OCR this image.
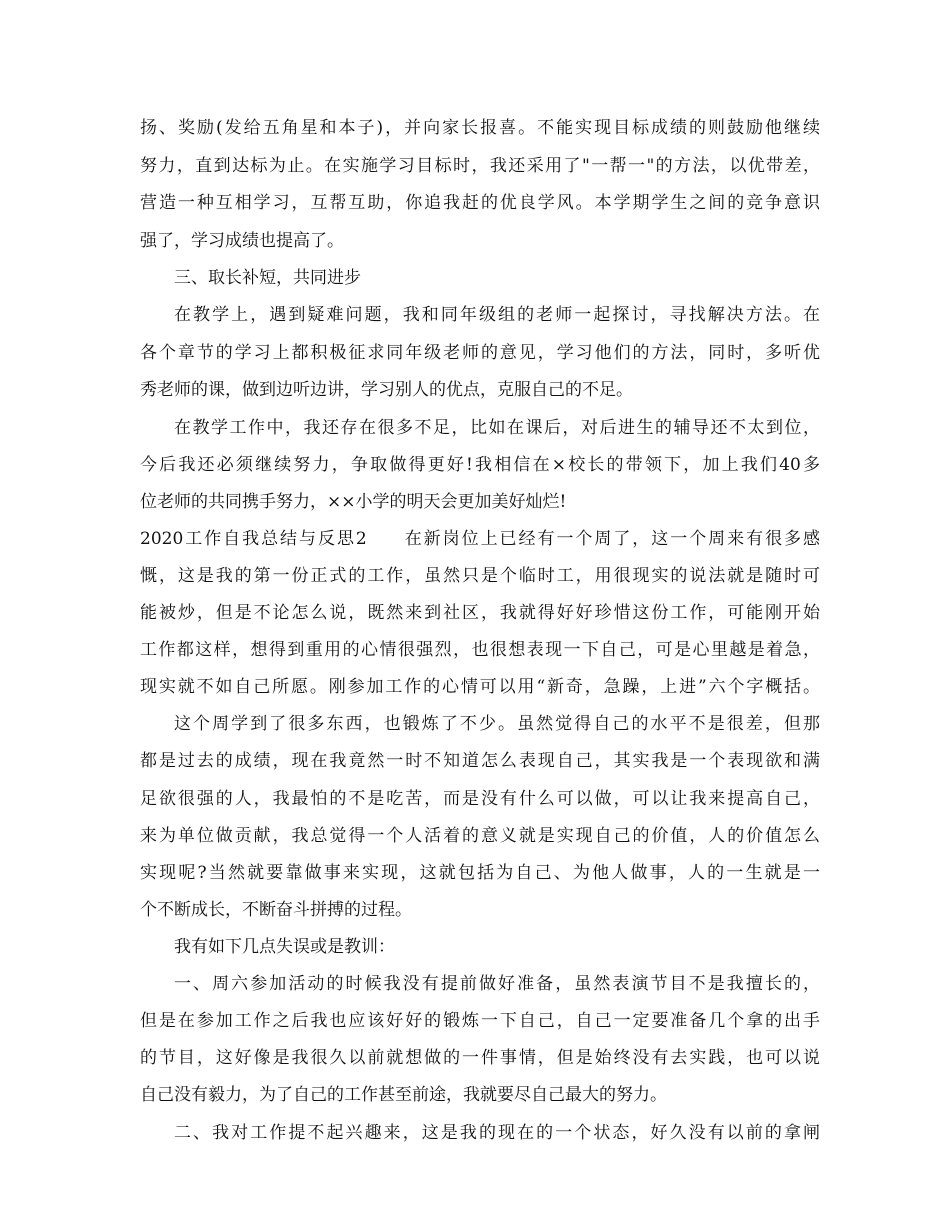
扬、奖励(发给五角星和本子)，并向家长报喜。不能实现目标成绩的则鼓励他继续
努力，直到达标为止。在实施学习目标时，我还采用了"一帮一"的方法，以优带差，
营造一种互相学习，互帮互助，你追我赶的优良学风。本学期学生之间的竞争意识
强了，学习成绩也提高了。
三、取长补短，共同进步
在教学上，遇到疑难问题，我和同年级组的老师一起探讨，寻找解决方法。在
各个章节的学习上都积极征求同年级老师的意见，学习他们的方法，同时，多听优
秀老师的课，做到边听边讲，学习别人的优点，克服自己的不足。
在教学工作中，我还存在很多不足，比如在课后，对后进生的辅导还不太到位，
今后我还必须继续努力，争取做得更好!我相信在×校长的带领下，加上我们40多
位老师的共同携手努力，××小学的明天会更加美好灿烂!
2020工作自我总结与反思2 在新岗位上已经有一个周了，这一个周来有很多感
慨，这是我的第一份正式的工作，虽然只是个临时工，用很现实的说法就是随时可
能被炒，但是不论怎么说，既然来到社区，我就得好好珍惜这份工作，可能刚开始
工作都这样，想得到重用的心情很强烈，也很想表现一下自己，可是心里越是着急，
现实就不如自己所愿。刚参加工作的心情可以用“新奇，急躁，上进”六个字概括。
这个周学到了很多东西，也锻炼了不少。虽然觉得自己的水平不是很差，但那
都是过去的成绩，现在我竟然一时不知道怎么表现自己，其实我是一个表现欲和满
足欲很强的人，我最怕的不是吃苦，而是没有什么可以做，可以让我来提高自己，
来为单位做贡献，我总觉得一个人活着的意义就是实现自己的价值，人的价值怎么
实现呢?当然就要靠做事来实现，这就包括为自己、为他人做事，人的一生就是一
个不断成长，不断奋斗拼搏的过程。
我有如下几点失误或是教训：
一、周六参加活动的时候我没有提前做好准备，虽然表演节目不是我擅长的，
但是在参加工作之后我也应该好好的锻炼一下自己，自己一定要准备几个拿的出手
的节目，这好像是我很久以前就想做的一件事情，但是始终没有去实践，也可以说
自己没有毅力，为了自己的工作甚至前途，我就要尽自己最大的努力。
二、我对工作提不起兴趣来，这是我的现在的一个状态，好久没有以前的拿闸
